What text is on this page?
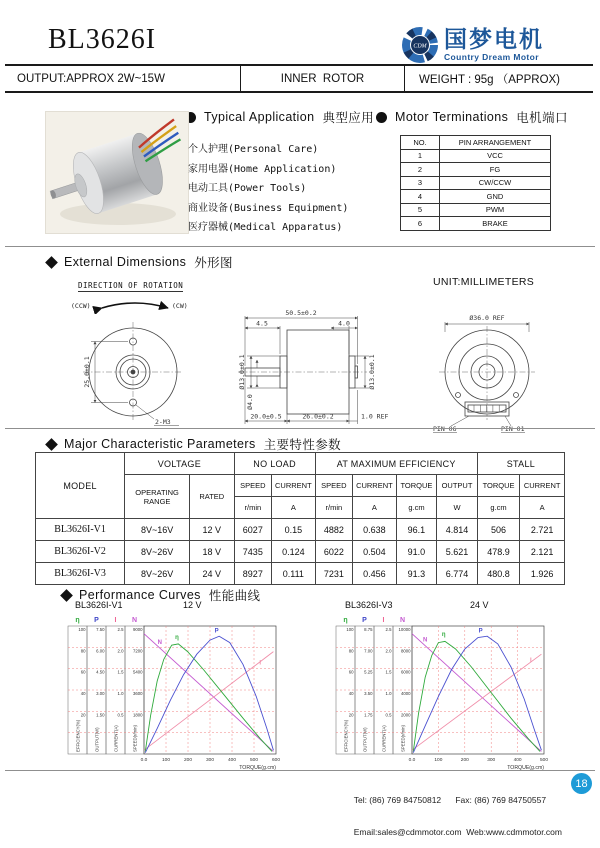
BL3626I	CDM 国梦电机
Country Dream Motor
OUTPUT:APPROX 2W~15W	INNER  ROTOR	WEIGHT : 95g （APPROX)
Typical Application 典型应用 Motor Terminations 电机端口
个人护理(Personal Care)
家用电器(Home Application)
电动工具(Power Tools)
商业设备(Business Equipment)
医疗器械(Medical Apparatus)
NO.	PIN ARRANGEMENT
1	VCC
2	FG
3	CW/CCW
4	GND
5	PWM
6	BRAKE
External Dimensions 外形图
DIRECTION OF ROTATION	UNIT:MILLIMETERS
(CCW)	(CW)
25.0±0.1
2-M3
50.5±0.2
4.5	4.0
Ø13.0±0.1	Ø13.0±0.1
Ø4.0
20.0±0.5	26.0±0.2	1.0 REF
Ø36.0 REF
PIN 06	PIN 01
Major Characteristic Parameters 主要特性参数
MODEL	VOLTAGE		NO LOAD		AT MAXIMUM EFFICIENCY				STALL	
	OPERATING RANGE	RATED	SPEED	CURRENT	SPEED	CURRENT	TORQUE	OUTPUT	TORQUE	CURRENT
			r/min	A	r/min	A	g.cm	W	g.cm	A
BL3626I-V1	8V~16V	12 V	6027	0.15	4882	0.638	96.1	4.814	506	2.721
BL3626I-V2	8V~26V	18 V	7435	0.124	6022	0.504	91.0	5.621	478.9	2.121
BL3626I-V3	8V~26V	24 V	8927	0.111	7231	0.456	91.3	6.774	480.8	1.926
Performance Curves 性能曲线
BL3626I-V1	12 V	BL3626I-V3	24 V
η
100
80
60
40
20
EFFICIENCY(%)
P
7.50
6.00
4.50
3.00
1.50
OUTPUT(W)
I
2.5
2.0
1.5
1.0
0.5
CURRENT(A)
N
9000
7200
5400
3600
1800
SPEED(r/min)
0.0	100	200	300	400	500	600
TORQUE(g.cm)
N
I
η
P
η
100
80
60
40
20
EFFICIENCY(%)
P
8.75
7.00
5.25
3.50
1.75
OUTPUT(W)
I
2.5
2.0
1.5
1.0
0.5
CURRENT(A)
N
10000
8000
6000
4000
2000
SPEED(r/min)
0.0	100	200	300	400	500
TORQUE(g.cm)
N
I
η
P

Tel: (86) 769 84750812      Fax: (86) 769 84750557

Email:sales@cdmmotor.com  Web:www.cdmmotor.com

18
